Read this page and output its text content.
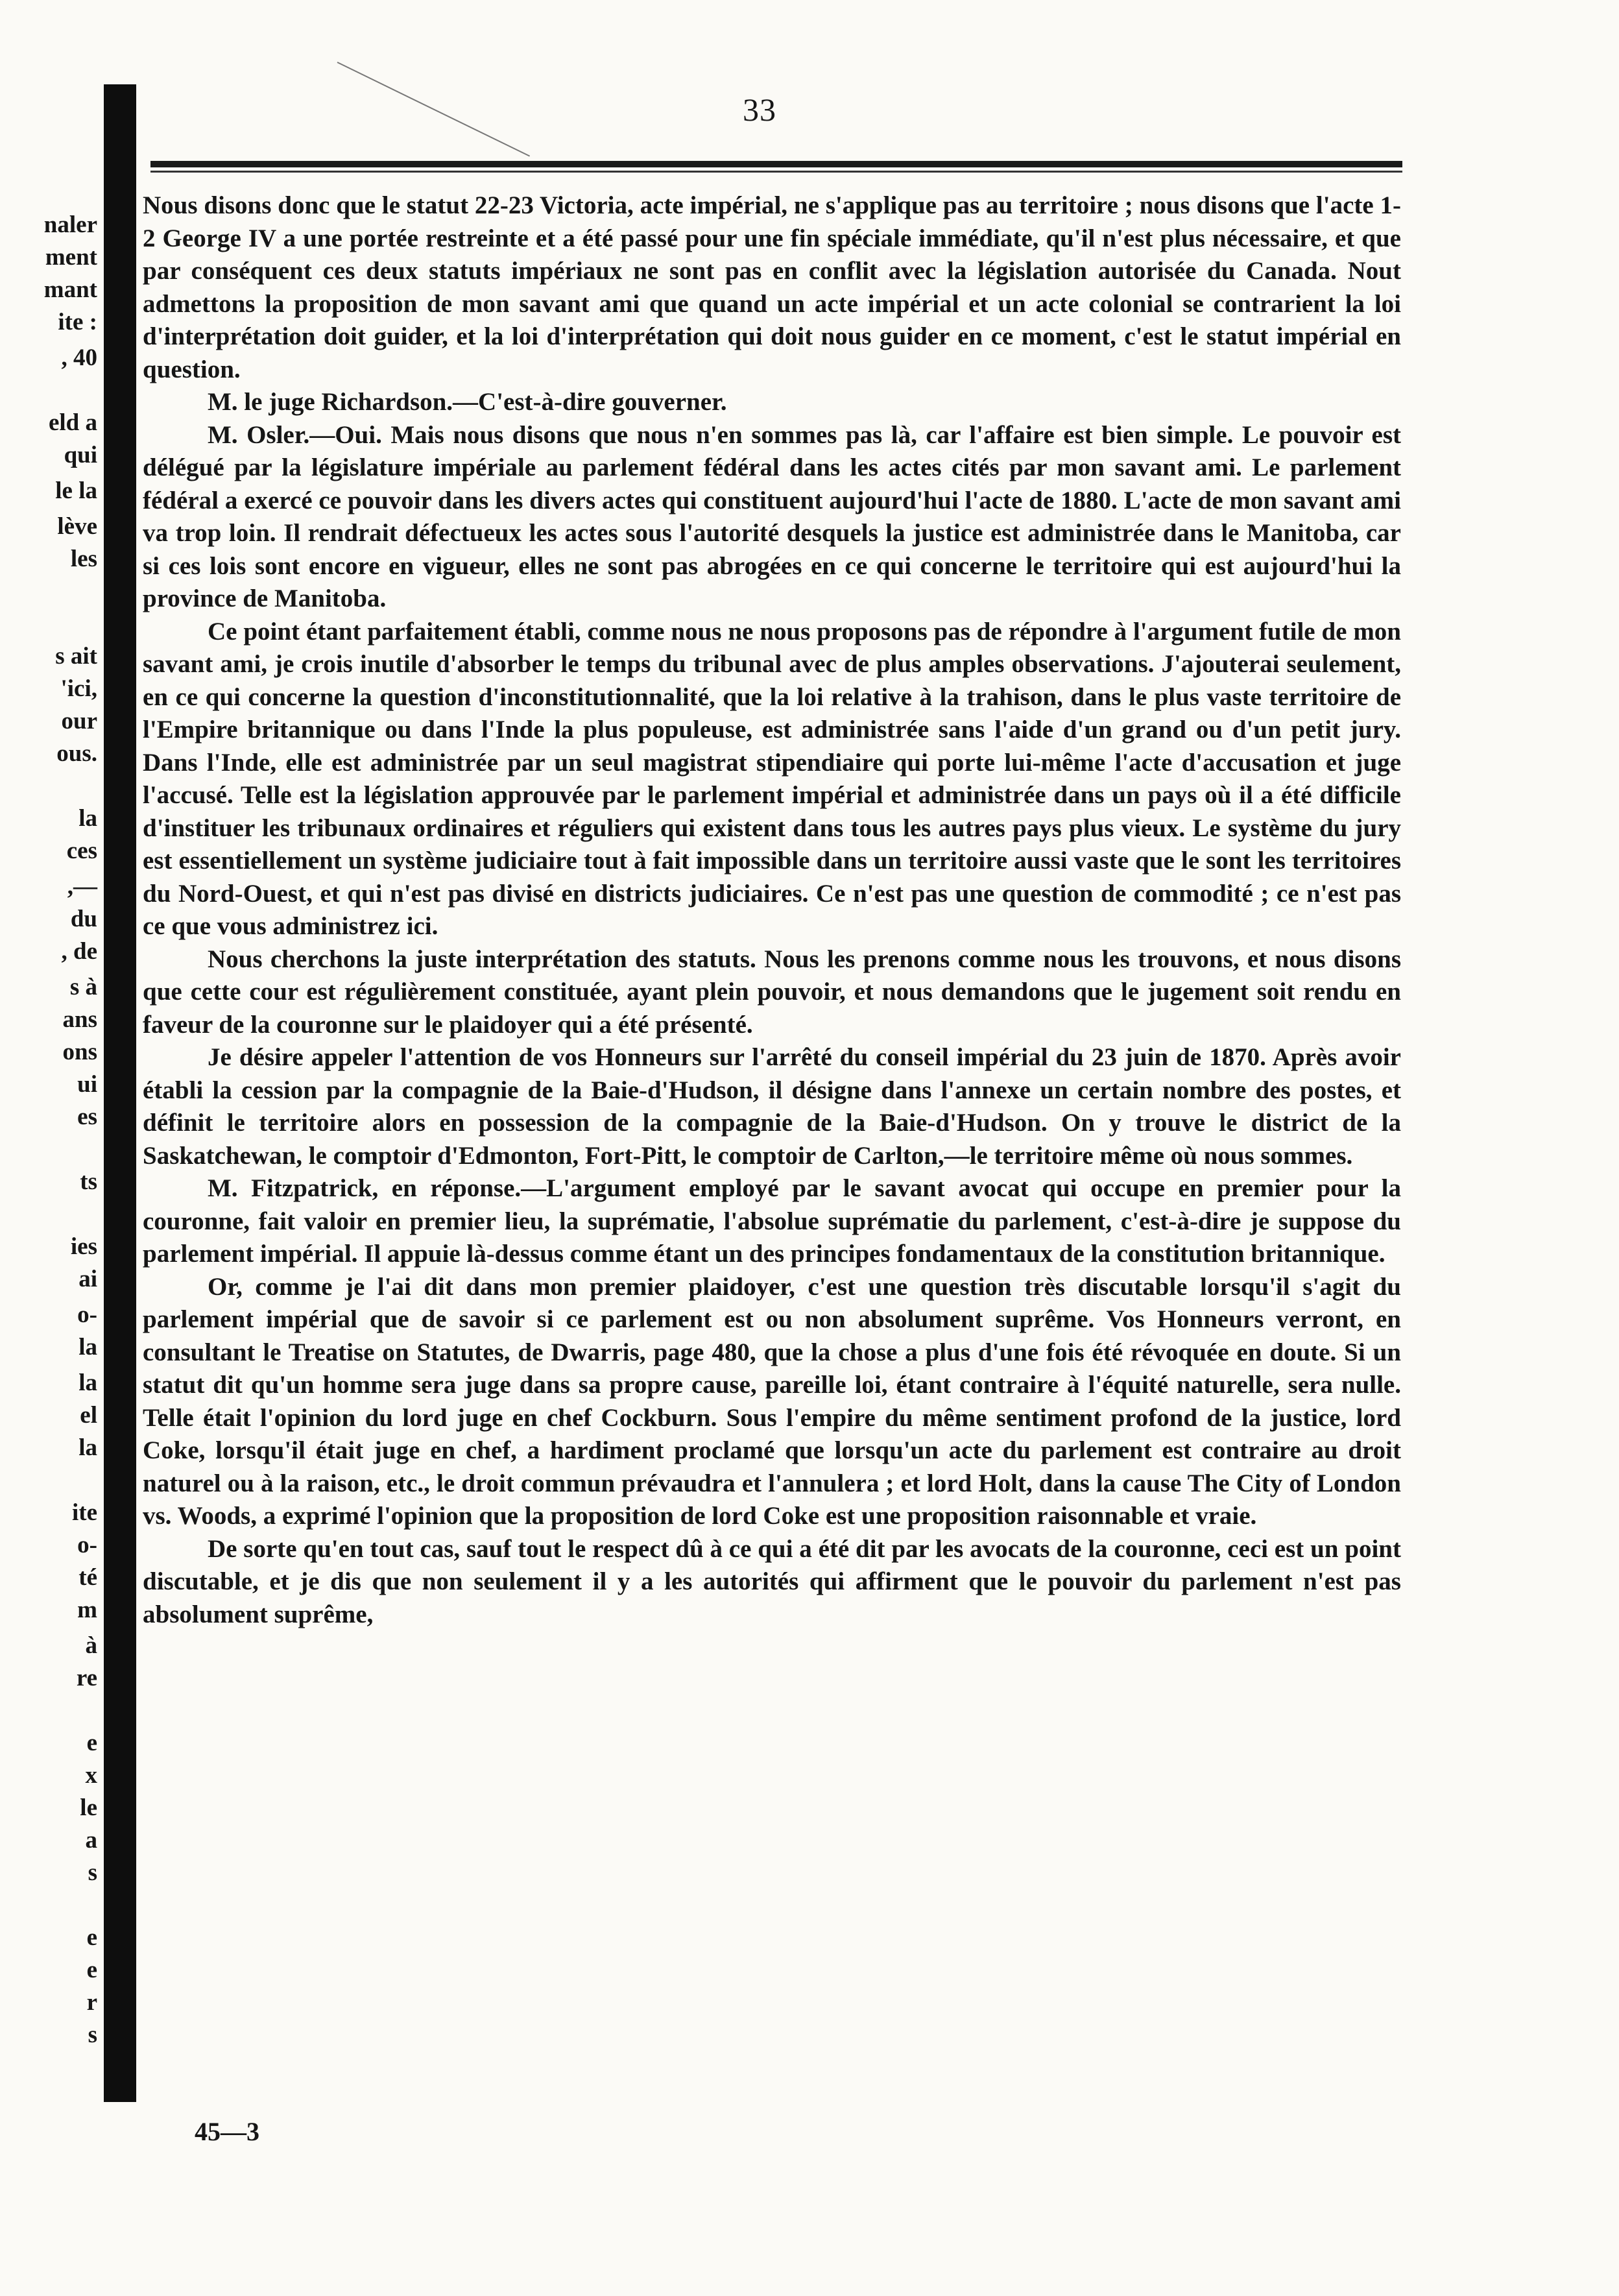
33
naler
ment
mant
ite :
, 40
eld a
qui
le la
lève
les
s ait
'ici,
our
ous.
la
ces
,—
du
, de
s à
ans
ons
ui
es
ts
ies
ai
o-
la
la
el
la
ite
o-
té
m
à
re
e
x
le
a
s
e
e
r
s

Nous disons donc que le statut 22-23 Victoria, acte impérial, ne s'applique pas au territoire ; nous disons que l'acte 1-2 George IV a une portée restreinte et a été passé pour une fin spéciale immédiate, qu'il n'est plus nécessaire, et que par conséquent ces deux statuts impériaux ne sont pas en conflit avec la législation autorisée du Canada. Nout admettons la proposition de mon savant ami que quand un acte impérial et un acte colonial se contrarient la loi d'interprétation doit guider, et la loi d'interprétation qui doit nous guider en ce moment, c'est le statut impérial en question.

M. le juge Richardson.—C'est-à-dire gouverner.

M. Osler.—Oui. Mais nous disons que nous n'en sommes pas là, car l'affaire est bien simple. Le pouvoir est délégué par la législature impériale au parlement fédéral dans les actes cités par mon savant ami. Le parlement fédéral a exercé ce pouvoir dans les divers actes qui constituent aujourd'hui l'acte de 1880. L'acte de mon savant ami va trop loin. Il rendrait défectueux les actes sous l'autorité desquels la justice est administrée dans le Manitoba, car si ces lois sont encore en vigueur, elles ne sont pas abrogées en ce qui concerne le territoire qui est aujourd'hui la province de Manitoba.

Ce point étant parfaitement établi, comme nous ne nous proposons pas de répondre à l'argument futile de mon savant ami, je crois inutile d'absorber le temps du tribunal avec de plus amples observations. J'ajouterai seulement, en ce qui concerne la question d'inconstitutionnalité, que la loi relative à la trahison, dans le plus vaste territoire de l'Empire britannique ou dans l'Inde la plus populeuse, est administrée sans l'aide d'un grand ou d'un petit jury. Dans l'Inde, elle est administrée par un seul magistrat stipendiaire qui porte lui-même l'acte d'accusation et juge l'accusé. Telle est la législation approuvée par le parlement impérial et administrée dans un pays où il a été difficile d'instituer les tribunaux ordinaires et réguliers qui existent dans tous les autres pays plus vieux. Le système du jury est essentiellement un système judiciaire tout à fait impossible dans un territoire aussi vaste que le sont les territoires du Nord-Ouest, et qui n'est pas divisé en districts judiciaires. Ce n'est pas une question de commodité ; ce n'est pas ce que vous administrez ici.

Nous cherchons la juste interprétation des statuts. Nous les prenons comme nous les trouvons, et nous disons que cette cour est régulièrement constituée, ayant plein pouvoir, et nous demandons que le jugement soit rendu en faveur de la couronne sur le plaidoyer qui a été présenté.

Je désire appeler l'attention de vos Honneurs sur l'arrêté du conseil impérial du 23 juin de 1870. Après avoir établi la cession par la compagnie de la Baie-d'Hudson, il désigne dans l'annexe un certain nombre des postes, et définit le territoire alors en possession de la compagnie de la Baie-d'Hudson. On y trouve le district de la Saskatchewan, le comptoir d'Edmonton, Fort-Pitt, le comptoir de Carlton,—le territoire même où nous sommes.

M. Fitzpatrick, en réponse.—L'argument employé par le savant avocat qui occupe en premier pour la couronne, fait valoir en premier lieu, la suprématie, l'absolue suprématie du parlement, c'est-à-dire je suppose du parlement impérial. Il appuie là-dessus comme étant un des principes fondamentaux de la constitution britannique.

Or, comme je l'ai dit dans mon premier plaidoyer, c'est une question très discutable lorsqu'il s'agit du parlement impérial que de savoir si ce parlement est ou non absolument suprême. Vos Honneurs verront, en consultant le Treatise on Statutes, de Dwarris, page 480, que la chose a plus d'une fois été révoquée en doute. Si un statut dit qu'un homme sera juge dans sa propre cause, pareille loi, étant contraire à l'équité naturelle, sera nulle. Telle était l'opinion du lord juge en chef Cockburn. Sous l'empire du même sentiment profond de la justice, lord Coke, lorsqu'il était juge en chef, a hardiment proclamé que lorsqu'un acte du parlement est contraire au droit naturel ou à la raison, etc., le droit commun prévaudra et l'annulera ; et lord Holt, dans la cause The City of London vs. Woods, a exprimé l'opinion que la proposition de lord Coke est une proposition raisonnable et vraie.

De sorte qu'en tout cas, sauf tout le respect dû à ce qui a été dit par les avocats de la couronne, ceci est un point discutable, et je dis que non seulement il y a les autorités qui affirment que le pouvoir du parlement n'est pas absolument suprême,

45—3
